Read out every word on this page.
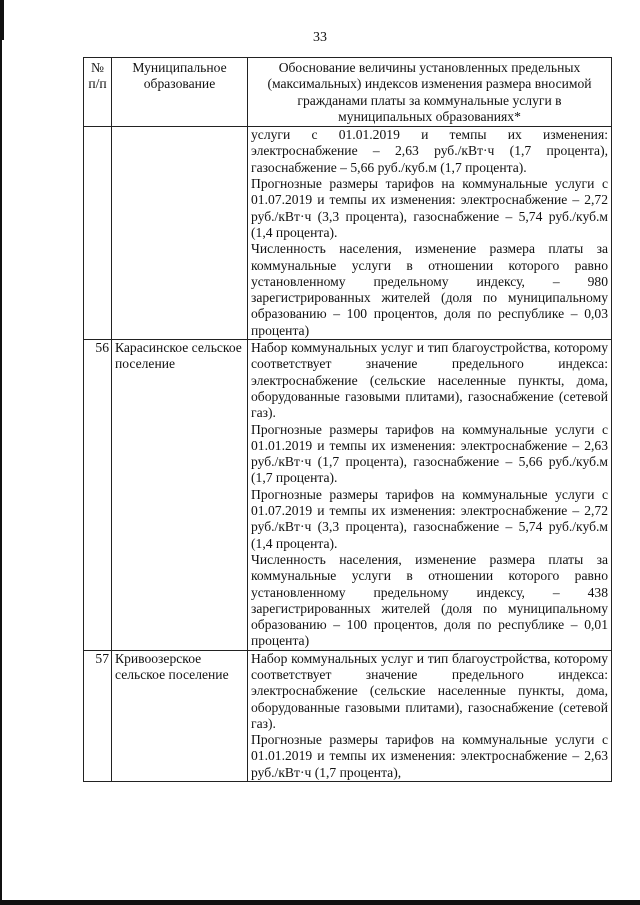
33
№ п/п	Муниципальное образование	Обоснование величины установленных предельных (максимальных) индексов изменения размера вносимой гражданами платы за коммунальные услуги в муниципальных образованиях*

		услуги с 01.01.2019 и темпы их изменения: электроснабжение – 2,63 руб./кВт·ч (1,7 процента), газоснабжение – 5,66 руб./куб.м (1,7 процента).

Прогнозные размеры тарифов на коммунальные услуги с 01.07.2019 и темпы их изменения: электроснабжение – 2,72 руб./кВт·ч (3,3 процента), газоснабжение – 5,74 руб./куб.м (1,4 процента).

Численность населения, изменение размера платы за коммунальные услуги в отношении которого равно установленному предельному индексу, – 980 зарегистрированных жителей (доля по муниципальному образованию – 100 процентов, доля по республике – 0,03 процента)

56	Карасинское сельское поселение	Набор коммунальных услуг и тип благоустройства, которому соответствует значение предельного индекса: электроснабжение (сельские населенные пункты, дома, оборудованные газовыми плитами), газоснабжение (сетевой газ).

Прогнозные размеры тарифов на коммунальные услуги с 01.01.2019 и темпы их изменения: электроснабжение – 2,63 руб./кВт·ч (1,7 процента), газоснабжение – 5,66 руб./куб.м (1,7 процента).

Прогнозные размеры тарифов на коммунальные услуги с 01.07.2019 и темпы их изменения: электроснабжение – 2,72 руб./кВт·ч (3,3 процента), газоснабжение – 5,74 руб./куб.м (1,4 процента).

Численность населения, изменение размера платы за коммунальные услуги в отношении которого равно установленному предельному индексу, – 438 зарегистрированных жителей (доля по муниципальному образованию – 100 процентов, доля по республике – 0,01 процента)

57	Кривоозерское сельское поселение	Набор коммунальных услуг и тип благоустройства, которому соответствует значение предельного индекса: электроснабжение (сельские населенные пункты, дома, оборудованные газовыми плитами), газоснабжение (сетевой газ).

Прогнозные размеры тарифов на коммунальные услуги с 01.01.2019 и темпы их изменения: электроснабжение – 2,63 руб./кВт·ч (1,7 процента),
